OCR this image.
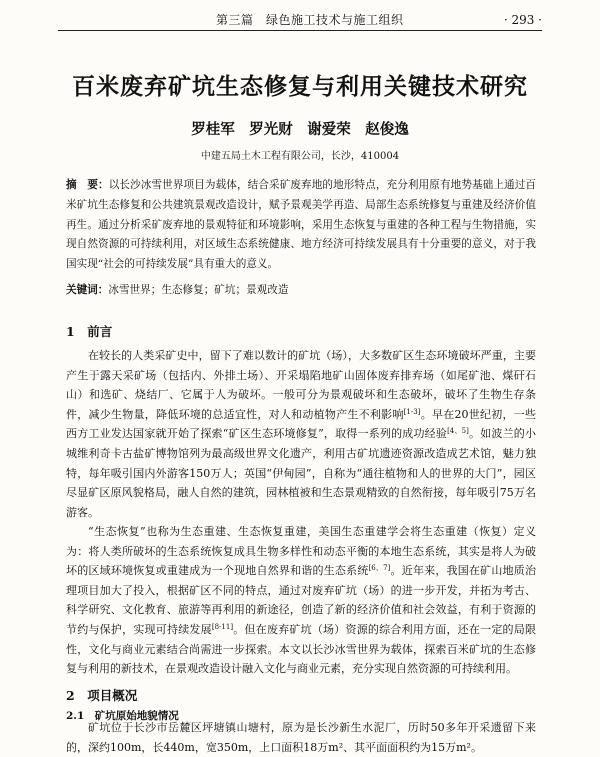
第三篇　绿色施工技术与施工组织	· 293 ·
百米废弃矿坑生态修复与利用关键技术研究
罗桂军　罗光财　谢爱荣　赵俊逸
中建五局土木工程有限公司，长沙，410004

摘　要：以长沙冰雪世界项目为载体，结合采矿废弃地的地形特点，充分利用原有地势基础上通过百米矿坑生态修复和公共建筑景观改造设计，赋予景观美学再造、局部生态系统修复与重建及经济价值再生。通过分析采矿废弃地的景观特征和环境影响，采用生态恢复与重建的各种工程与生物措施，实现自然资源的可持续利用，对区域生态系统健康、地方经济可持续发展具有十分重要的意义，对于我国实现“社会的可持续发展”具有重大的意义。

关键词：冰雪世界；生态修复；矿坑；景观改造
1　前言

在较长的人类采矿史中，留下了难以数计的矿坑（场），大多数矿区生态环境破坏严重，主要产生于露天采矿场（包括内、外排土场）、开采塌陷地矿山固体废弃排弃场（如尾矿池、煤矸石山）和选矿、烧结厂、它属于人为破坏。一般可分为景观破坏和生态破坏，破坏了生物生存条件，减少生物量，降低环境的总适宜性，对人和动植物产生不利影响[1-3]。早在20世纪初，一些西方工业发达国家就开始了探索“矿区生态环境修复”，取得一系列的成功经验[4、5]。如波兰的小城维利奇卡古盐矿博物馆列为最高级世界文化遗产，利用古矿坑遗迹资源改造成艺术馆，魅力独特，每年吸引国内外游客150万人；英国“伊甸园”，自称为“通往植物和人的世界的大门”，园区尽显矿区原风貌格局，融人自然的建筑，园林植被和生态景观精致的自然衔接，每年吸引75万名游客。

“生态恢复”也称为生态重建、生态恢复重建，美国生态重建学会将生态重建（恢复）定义为：将人类所破坏的生态系统恢复成具生物多样性和动态平衡的本地生态系统，其实是将人为破坏的区域环境恢复或重建成为一个现地自然界和谐的生态系统[6、7]。近年来，我国在矿山地质治理项目加大了投入，根据矿区不同的特点，通过对废弃矿坑（场）的进一步开发，并拓为考古、科学研究、文化教育、旅游等再利用的新途径，创造了新的经济价值和社会效益，有利于资源的节约与保护，实现可持续发展[8-11]。但在废弃矿坑（场）资源的综合利用方面，还在一定的局限性，文化与商业元素结合尚需进一步探索。本文以长沙冰雪世界为载体，探索百米矿坑的生态修复与利用的新技术，在景观改造设计融入文化与商业元素，充分实现自然资源的可持续利用。

2　项目概况
2.1　矿坑原始地貌情况

矿坑位于长沙市岳麓区坪塘镇山塘村，原为是长沙新生水泥厂，历时50多年开采遗留下来的，深约100m，长440m，宽350m，上口面积18万m²、其平面面积约为15万m²。
